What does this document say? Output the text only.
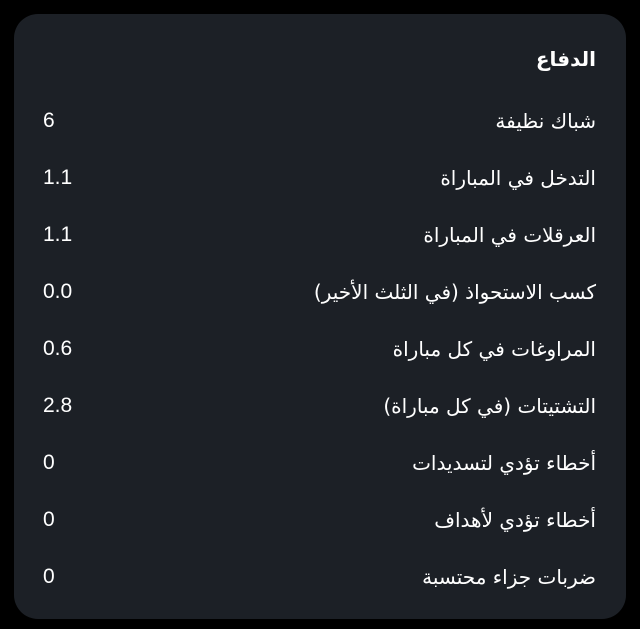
الدفاع
شباك نظيفة
6
التدخل في المباراة
1.1
العرقلات في المباراة
1.1
كسب الاستحواذ (في الثلث الأخير)
0.0
المراوغات في كل مباراة
0.6
التشتيتات (في كل مباراة)
2.8
أخطاء تؤدي لتسديدات
0
أخطاء تؤدي لأهداف
0
ضربات جزاء محتسبة
0
